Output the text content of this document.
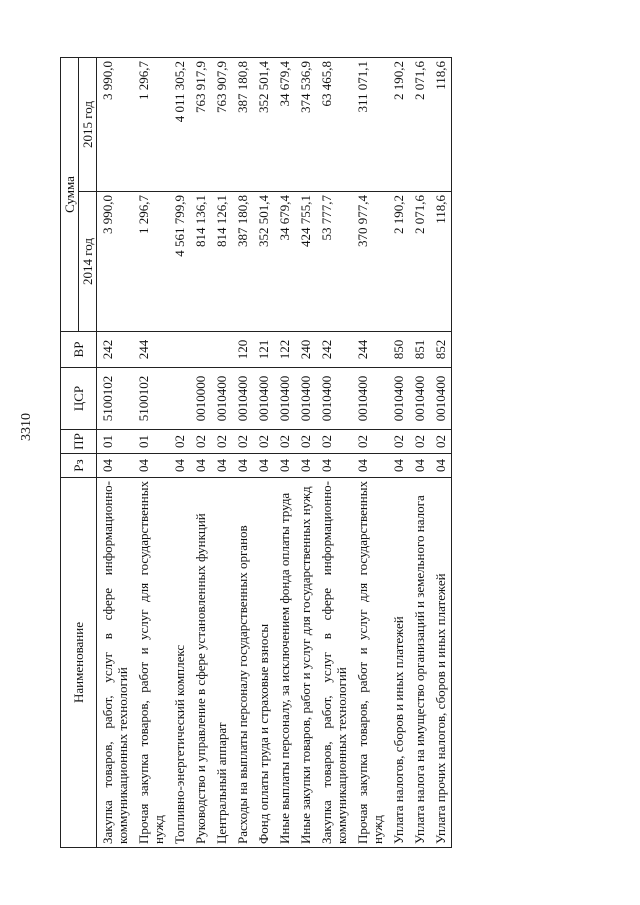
3310
Наименование	Рз	ПР	ЦСР	ВР	Сумма	
					2014 год	2015 год
Закупка товаров, работ, услуг в сфере информационно-коммуникационных технологий	04	01	5100102	242	3 990,0	3 990,0
Прочая закупка товаров, работ и услуг для государственных нужд	04	01	5100102	244	1 296,7	1 296,7
Топливно-энергетический комплекс	04	02			4 561 799,9	4 011 305,2
Руководство и управление в сфере установленных функций	04	02	0010000		814 136,1	763 917,9
Центральный аппарат	04	02	0010400		814 126,1	763 907,9
Расходы на выплаты персоналу государственных органов	04	02	0010400	120	387 180,8	387 180,8
Фонд оплаты труда и страховые взносы	04	02	0010400	121	352 501,4	352 501,4
Иные выплаты персоналу, за исключением фонда оплаты труда	04	02	0010400	122	34 679,4	34 679,4
Иные закупки товаров, работ и услуг для государственных нужд	04	02	0010400	240	424 755,1	374 536,9
Закупка товаров, работ, услуг в сфере информационно-коммуникационных технологий	04	02	0010400	242	53 777,7	63 465,8
Прочая закупка товаров, работ и услуг для государственных нужд	04	02	0010400	244	370 977,4	311 071,1
Уплата налогов, сборов и иных платежей	04	02	0010400	850	2 190,2	2 190,2
Уплата налога на имущество организаций и земельного налога	04	02	0010400	851	2 071,6	2 071,6
Уплата прочих налогов, сборов и иных платежей	04	02	0010400	852	118,6	118,6
